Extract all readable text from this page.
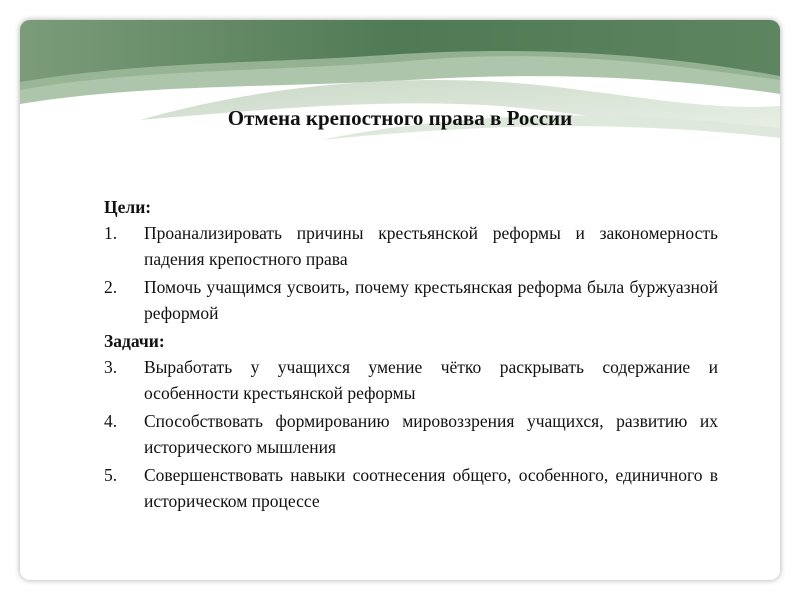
Отмена крепостного права в России

Цели:

1.	Проанализировать причины крестьянской реформы и закономерность падения крепостного права
2.	Помочь учащимся усвоить, почему крестьянская реформа была буржуазной реформой

Задачи:

3.	Выработать у учащихся умение чётко раскрывать содержание и особенности крестьянской реформы
4.	Способствовать формированию мировоззрения учащихся, развитию их исторического мышления
5.	Совершенствовать навыки соотнесения общего, особенного, единичного в историческом процессе
